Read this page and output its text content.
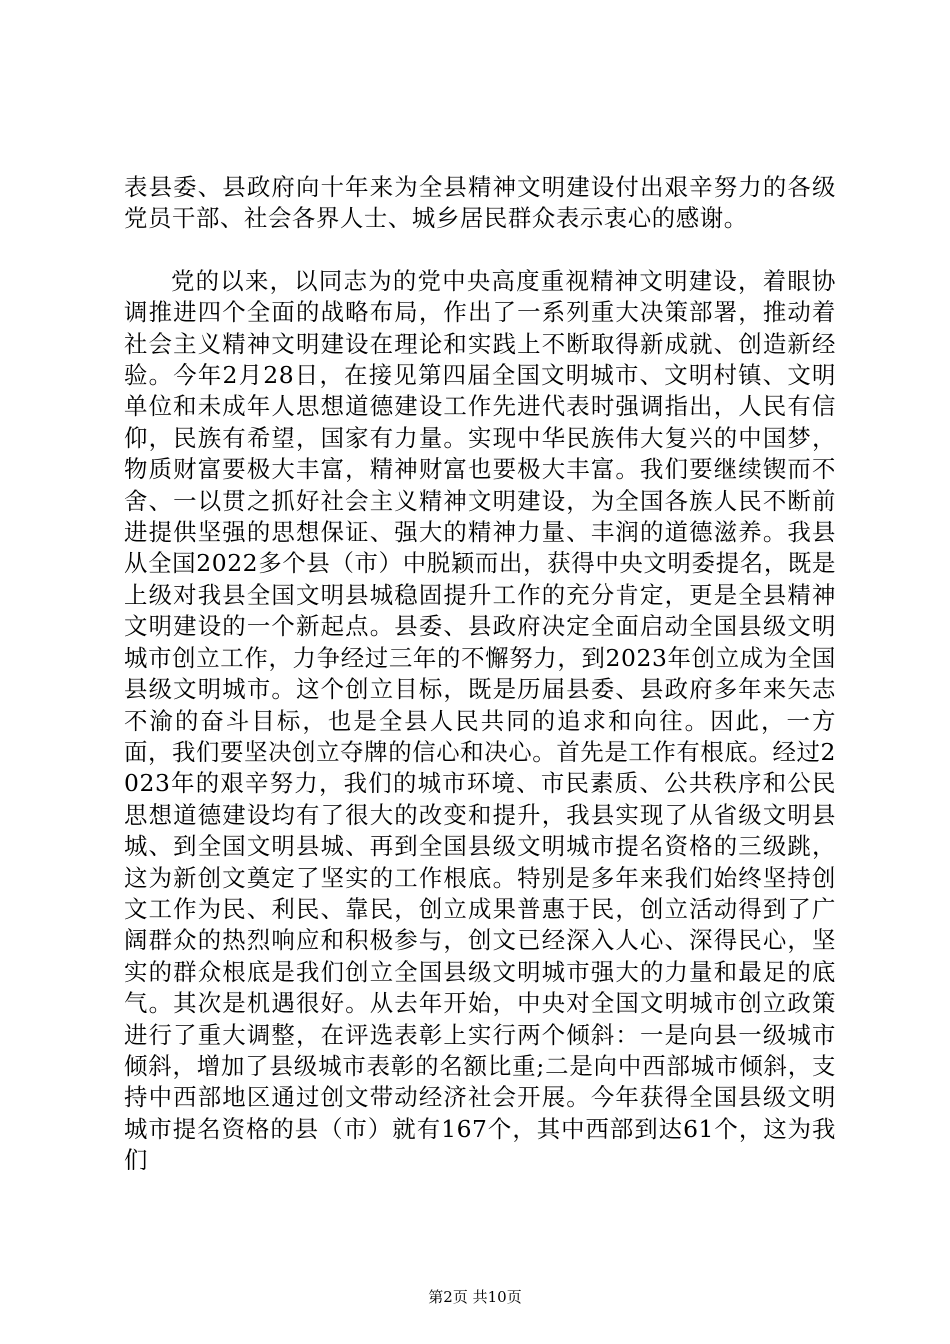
表县委、县政府向十年来为全县精神文明建设付出艰辛努力的各级党员干部、社会各界人士、城乡居民群众表示衷心的感谢。

党的以来，以同志为的党中央高度重视精神文明建设，着眼协调推进四个全面的战略布局，作出了一系列重大决策部署，推动着社会主义精神文明建设在理论和实践上不断取得新成就、创造新经验。今年2月28日，在接见第四届全国文明城市、文明村镇、文明单位和未成年人思想道德建设工作先进代表时强调指出，人民有信仰，民族有希望，国家有力量。实现中华民族伟大复兴的中国梦，物质财富要极大丰富，精神财富也要极大丰富。我们要继续锲而不舍、一以贯之抓好社会主义精神文明建设，为全国各族人民不断前进提供坚强的思想保证、强大的精神力量、丰润的道德滋养。我县从全国2022多个县（市）中脱颖而出，获得中央文明委提名，既是上级对我县全国文明县城稳固提升工作的充分肯定，更是全县精神文明建设的一个新起点。县委、县政府决定全面启动全国县级文明城市创立工作，力争经过三年的不懈努力，到2023年创立成为全国县级文明城市。这个创立目标，既是历届县委、县政府多年来矢志不渝的奋斗目标，也是全县人民共同的追求和向往。因此，一方面，我们要坚决创立夺牌的信心和决心。首先是工作有根底。经过2023年的艰辛努力，我们的城市环境、市民素质、公共秩序和公民思想道德建设均有了很大的改变和提升，我县实现了从省级文明县城、到全国文明县城、再到全国县级文明城市提名资格的三级跳，这为新创文奠定了坚实的工作根底。特别是多年来我们始终坚持创文工作为民、利民、靠民，创立成果普惠于民，创立活动得到了广阔群众的热烈响应和积极参与，创文已经深入人心、深得民心，坚实的群众根底是我们创立全国县级文明城市强大的力量和最足的底气。其次是机遇很好。从去年开始，中央对全国文明城市创立政策进行了重大调整，在评选表彰上实行两个倾斜：一是向县一级城市倾斜，增加了县级城市表彰的名额比重;二是向中西部城市倾斜，支持中西部地区通过创文带动经济社会开展。今年获得全国县级文明城市提名资格的县（市）就有167个，其中西部到达61个，这为我们

第2页 共10页
